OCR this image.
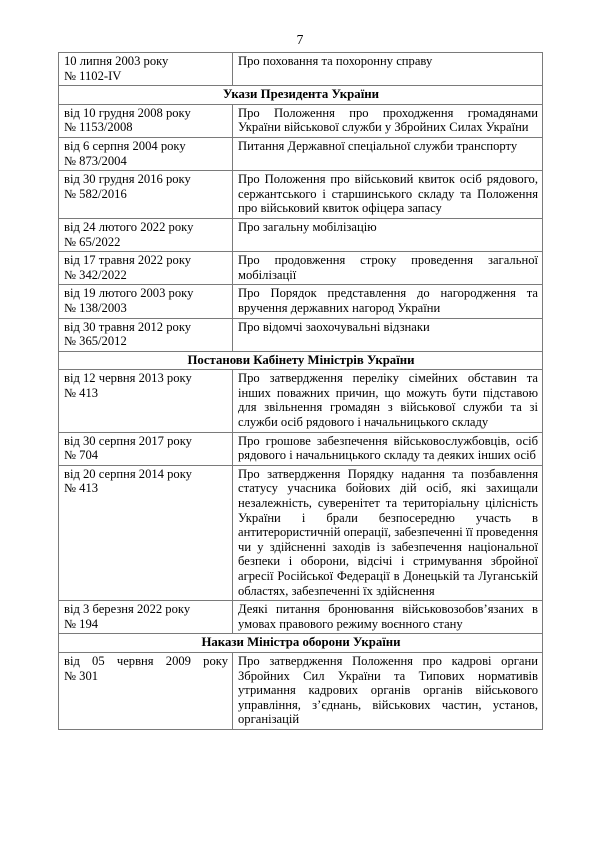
7
10 липня 2003 року
№ 1102-IV	Про поховання та похоронну справу
Укази Президента України	
від 10 грудня 2008 року
№ 1153/2008	Про Положення про проходження громадянами України військової служби у Збройних Силах України
від 6 серпня 2004 року
№ 873/2004	Питання Державної спеціальної служби транспорту
від 30 грудня 2016 року
№ 582/2016	Про Положення про військовий квиток осіб рядового, сержантського і старшинського складу та Положення про військовий квиток офіцера запасу
від 24 лютого 2022 року
№ 65/2022	Про загальну мобілізацію
від 17 травня 2022 року
№ 342/2022	Про продовження строку проведення загальної мобілізації
від 19 лютого 2003 року
№ 138/2003	Про Порядок представлення до нагородження та вручення державних нагород України
від 30 травня 2012 року
№ 365/2012	Про відомчі заохочувальні відзнаки
Постанови Кабінету Міністрів України	
від 12 червня 2013 року
№ 413	Про затвердження переліку сімейних обставин та інших поважних причин, що можуть бути підставою для звільнення громадян з військової служби та зі служби осіб рядового і начальницького складу
від 30 серпня 2017 року
№ 704	Про грошове забезпечення військовослужбовців, осіб рядового і начальницького складу та деяких інших осіб
від 20 серпня 2014 року
№ 413	Про затвердження Порядку надання та позбавлення статусу учасника бойових дій осіб, які захищали незалежність, суверенітет та територіальну цілісність України і брали безпосередню участь в антитерористичній операції, забезпеченні її проведення чи у здійсненні заходів із забезпечення національної безпеки і оборони, відсічі і стримування збройної агресії Російської Федерації в Донецькій та Луганській областях, забезпеченні їх здійснення
від 3 березня 2022 року
№ 194	Деякі питання бронювання військовозобов’язаних в умовах правового режиму воєнного стану
Накази Міністра оборони України	
від 05 червня 2009 року
№ 301	Про затвердження Положення про кадрові органи Збройних Сил України та Типових нормативів утримання кадрових органів органів військового управління, з’єднань, військових частин, установ, організацій
